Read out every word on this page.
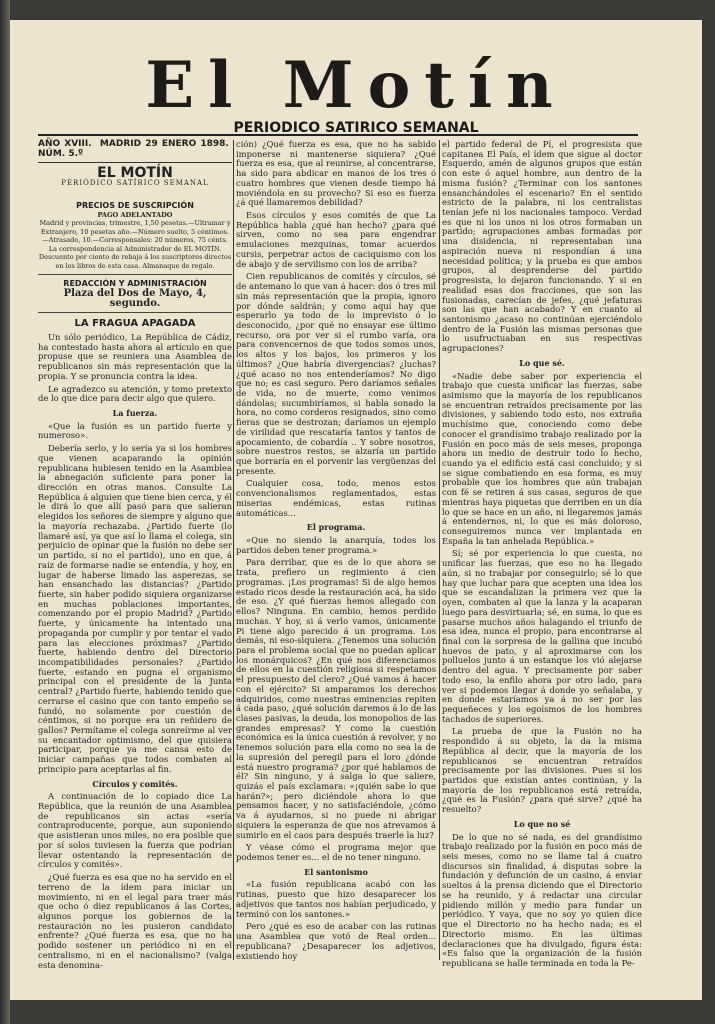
El Motín
PERIODICO SATIRICO SEMANAL
AÑO XVIII. MADRID 29 ENERO 1898.  NÚM. 5.º
EL MOTÍN
PERIÓDICO SATÍRICO SEMANAL
PRECIOS DE SUSCRIPCIÓN
PAGO ADELANTADO
Madrid y provincias, trimestre, 1,50 pesetas.—Ultramar y Extranjero, 10 pesetas año.—Número suelto, 5 céntimos.—Atrasado, 10.—Corresponsales: 20 números, 75 cénts. La correspondencia al Administrador de EL MOTÍN. Descuento por ciento de rebaja á los suscriptores directos en los libros de esta casa. Almanaque de regalo.
REDACCIÓN Y ADMINISTRACIÓN
Plaza del Dos de Mayo, 4, segundo.
LA FRAGUA APAGADA

Un sólo periódico, La República de Cádiz, ha contestado hasta ahora al artículo en que propuse que se reuniera una Asamblea de republicanos sin más representación que la propia. Y se pronuncia contra la idea.

Le agradezco su atención, y tomo pretexto de lo que dice para decir algo que quiero.

La fuerza.

«Que la fusión es un partido fuerte y numeroso».

Debería serlo, y lo sería ya si los hombres que vienen acaparando la opinión republicana hubiesen tenido en la Asamblea la abnegación suficiente para poner la dirección en otras manos. Consulte La República á alguien que tiene bien cerca, y él le dirá lo que allí pasó para que salieran elegidos los señores de siempre y alguno que la mayoría rechazaba. ¿Partido fuerte (lo llamaré así, ya que así lo llama el colega, sin perjuicio de opinar que la fusión no debe ser un partido, si no el partido), uno en que, á raíz de formarse nadie se entendía, y hoy, en lugar de haberse limado las asperezas, se han ensanchado las distancias? ¿Partido fuerte, sin haber podido siquiera organizarse en muchas poblaciones importantes, comenzando por el propio Madrid? ¿Partido fuerte, y únicamente ha intentado una propaganda por cumplir y por tentar el vado para las elecciones próximas? ¿Partido fuerte, habiendo dentro del Directorio incompatibilidades personales? ¿Partido fuerte, estando en pugna el organismo principal con el presidente de la Junta central? ¿Partido fuerte, habiendo tenido que cerrarse el casino que con tanto empeño se fundó, no solamente por cuestión de céntimos, si no porque era un reñidero de gallos? Permítame el colega sonreírme al ver su encantador optimismo, del que quisiera participar, porque ya me cansa esto de iniciar campañas que todos combaten al principio para aceptarlas al fin.

Círculos y comités.

A continuación de lo copiado dice La República, que la reunión de una Asamblea de republicanos sin actas «sería contraproducente, porque, aun suponiendo que asistieran unos miles, no era posible que por sí solos tuviesen la fuerza que podrían llevar ostentando la representación de círculos y comités».

¿Qué fuerza es esa que no ha servido en el terreno de la ídem para iniciar un movimiento, ni en el legal para traer más que ocho ó diez republicanos á las Cortes, algunos porque los gobiernos de la restauración no les pusieron candidato enfrente? ¿Qué fuerza es esa, que no ha podido sostener un periódico ni en el centralismo, ni en el nacionalismo? (valga esta denomina-

ción) ¿Qué fuerza es esa, que no ha sabido imponerse ni mantenerse siquiera? ¿Qué fuerza es esa, que al reunirse, al concentrarse, ha sido para abdicar en manos de los tres ó cuatro hombres que vienen desde tiempo há moviéndola en su provecho? Si eso es fuerza ¿á qué llamaremos debilidad?

Esos círculos y esos comités de que La República habla ¿qué han hecho? ¿para qué sirven, como no sea para engendrar emulaciones mezquinas, tomar acuerdos cursis, perpetrar actos de caciquismo con los de abajo y de servilismo con los de arriba?

Cien republicanos de comités y círculos, sé de antemano lo que van á hacer: dos ó tres mil sin más representación que la propia, ignoro por dónde saldrán; y como aquí hay que esperarlo ya todo de lo imprevisto ó lo desconocido, ¿por qué no ensayar ese último recurso, ora por ver si el rumbo varía, ora para convencernos de que todos somos unos, los altos y los bajos, los primeros y los últimos? ¿Que habría divergencias? ¿luchas? ¿qué acaso no nos entenderíamos? No digo que no; es casi seguro. Pero daríamos señales de vida, no de muerte, como venimos dándolas; sucumbiríamos, si habla sonado la hora, no como corderos resignados, sino como fieras que se destrozan; daríamos un ejemplo de virilidad que rescataría tantos y tantos de apocamiento, de cobardía .. Y sobre nosotros, sobre nuestros restos, se alzaría un partido que borraría en el porvenir las vergüenzas del presente.

Cualquier cosa, todo, menos estos convencionalismos reglamentados, estas miserias endémicas, estas rutinas automáticas...

El programa.

«Que no siendo la anarquía, todos los partidos deben tener programa.»

Para derribar, que es de lo que ahora se trata, prefiero un regimiento á cien programas. ¡Los programas! Si de algo hemos estado ricos desde la restauración acá, ha sido de eso. ¿Y qué fuerzas hemos allegado con ellos? Ninguna. En cambio, hemos perdido muchas. Y hoy, si á verlo vamos, únicamente Pi tiene algo parecido á un programa. Los demás, ni eso-siquiera. ¿Tenemos una solución para el problema social que no puedan aplicar los monárquicos? ¿En qué nos diferenciamos de ellos en la cuestión religiosa si respetamos el presupuesto del clero? ¿Qué vamos á hacer con el ejército? Si amparamos los derechos adquiridos, como nuestras eminencias repiten á cada paso, ¿qué solución daremos á lo de las clases pasivas, la deuda, los monopolios de las grandes empresas? Y como la cuestión económica es la única cuestión á revolver, y no tenemos solución para ella como no sea la de la supresión del peregil para el loro ¿dónde está nuestro programa? ¿por qué hablamos de él? Sin ninguno, y á salga lo que saliere, quizás el país exclamara: «¡quién sabe lo que harán?»; pero diciéndole ahora lo que pensamos hacer, y no satisfaciéndole, ¿cómo va á ayudarnos, si no puede ni abrigar siquiera la esperanza de que nos atrevamos á sumirlo en el caos para después traerle la luz?

Y véase cómo el programa mejor que podemos tener es... el de no tener ninguno.

El santonismo

«La fusión republicana acabó con las rutinas, puesto que hizo desaparecer los adjetivos que tantos nos habían perjudicado, y terminó con los santones.»

Pero ¿qué es eso de acabar con las rutinas una Asamblea que votó de Real orden... republicana? ¿Desaparecer los adjetivos, existiendo hoy

el partido federal de Pí, el progresista que capitanea El País, el ídem que sigue al doctor Esquerdo, amén de algunos grupos que están con este ó aquel hombre, aun dentro de la misma fusión? ¿Terminar con los santones ensanchándoles el escenario? En el sentido estricto de la palabra, ni los centralistas tenían jefe ni los nacionales tampoco. Verdad es que ni los unos ni los otros formaban un partido; agrupaciones ambas formadas por una disidencia, ni representaban una aspiración nueva ni respondían á una necesidad política; y la prueba es que ambos grupos, al desprenderse del partido progresista, lo dejaron funcionando. Y si en realidad esas dos fracciones, que son las fusionadas, carecían de jefes, ¿qué jefaturas son las que han acabado? Y en cuanto al santonismo ¿acaso no continúan ejerciéndolo dentro de la Fusión las mismas personas que lo usufructuaban en sus respectivas agrupaciones?

Lo que sé.

«Nadie debe saber por experiencia el trabajo que cuesta unificar las fuerzas, sabe asimismo que la mayoría de los republicanos se encuentran retraídos precisamente por las divisiones, y sabiendo todo esto, nos extraña muchísimo que, conociendo como debe conocer el grandísimo trabajo realizado por la Fusión en poco más de seis meses, proponga ahora un medio de destruir todo lo hecho, cuando ya el edificio está casi concluido; y si se sigue combatiendo en esa forma, es muy probable que los hombres que aún trabajan con fé se retiren á sus casas, seguros de que mientras haya piquetas que derriben en un día lo que se hace en un año, ni llegaremos jamás á entendernos, ni, lo que es más doloroso, conseguiremos nunca ver implantada en España la tan anhelada República.»

Sí; sé por experiencia lo que cuesta, no unificar las fuerzas, que eso no ha llegado aún, si no trabajar por conseguirlo; sé lo que hay que luchar para que acepten una idea los que se escandalizan la primera vez que la oyen, combaten al que la lanza y la acaparan luego para desvirtuarla; sé, en suma, lo que es pasarse muchos años halagando el triunfo de esa idea, nunca el propio, para encontrarse al final con la sorpresa de la gallina que incubó huevos de pato, y al aproximarse con los polluelos junto á un estanque los vió alejarse dentro del agua. Y precisamente por saber todo eso, la enfilo ahora por otro lado, para ver si podemos llegar á donde yo señalaba, y en donde estaríamos ya á no ser por las pequeñeces y los egoísmos de los hombres tachados de superiores.

La prueba de que la Fusión no ha respondido á su objeto, la da la misma República al decir, que la mayoría de los republicanos se encuentran retraídos precisamente por las divisiones. Pues si los partidos que existían antes continúan, y la mayoría de los republicanos está retraída, ¿qué es la Fusión? ¿para qué sirve? ¿qué ha resuelto?

Lo que no sé

De lo que no sé nada, es del grandísimo trabajo realizado por la fusión en poco más de seis meses, como no se llame tal á cuatro discursos sin finalidad, á disputas sobre la fundación y defunción de un casino, á enviar sueltos á la prensa diciendo que el Directorio se ha reunido, y á redactar una circular pidiendo millón y medio para fundar un periódico. Y vaya, que no soy yo quien dice que el Directorio no ha hecho nada; es el Directorio mismo. En las últimas declaraciones que ha divulgado, figura ésta: «Es falso que la organización de la fusión republicana se halle terminada en toda la Pe-
